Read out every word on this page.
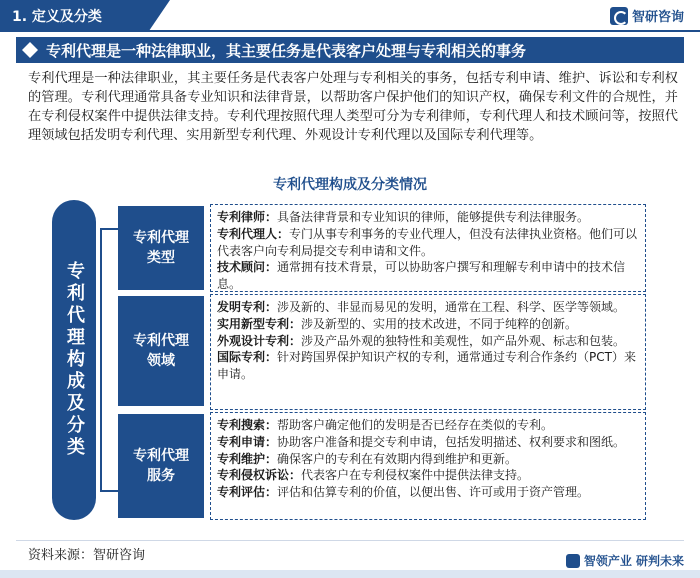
1. 定义及分类	智研咨询
专利代理是一种法律职业，其主要任务是代表客户处理与专利相关的事务
专利代理是一种法律职业，其主要任务是代表客户处理与专利相关的事务，包括专利申请、维护、诉讼和专利权的管理。专利代理通常具备专业知识和法律背景，以帮助客户保护他们的知识产权，确保专利文件的合规性，并在专利侵权案件中提供法律支持。专利代理按照代理人类型可分为专利律师，专利代理人和技术顾问等，按照代理领域包括发明专利代理、实用新型专利代理、外观设计专利代理以及国际专利代理等。
专利代理构成及分类情况
专利代理构成及分类
专利代理类型

专利律师：具备法律背景和专业知识的律师，能够提供专利法律服务。

专利代理人：专门从事专利事务的专业代理人，但没有法律执业资格。他们可以代表客户向专利局提交专利申请和文件。

技术顾问：通常拥有技术背景，可以协助客户撰写和理解专利申请中的技术信息。

专利代理领域

发明专利：涉及新的、非显而易见的发明，通常在工程、科学、医学等领域。

实用新型专利：涉及新型的、实用的技术改进，不同于纯粹的创新。

外观设计专利：涉及产品外观的独特性和美观性，如产品外观、标志和包装。

国际专利：针对跨国界保护知识产权的专利，通常通过专利合作条约（PCT）来申请。

专利代理服务

专利搜索：帮助客户确定他们的发明是否已经存在类似的专利。

专利申请：协助客户准备和提交专利申请，包括发明描述、权利要求和图纸。

专利维护：确保客户的专利在有效期内得到维护和更新。

专利侵权诉讼：代表客户在专利侵权案件中提供法律支持。

专利评估：评估和估算专利的价值，以便出售、许可或用于资产管理。

资料来源：智研咨询	智领产业 研判未来
